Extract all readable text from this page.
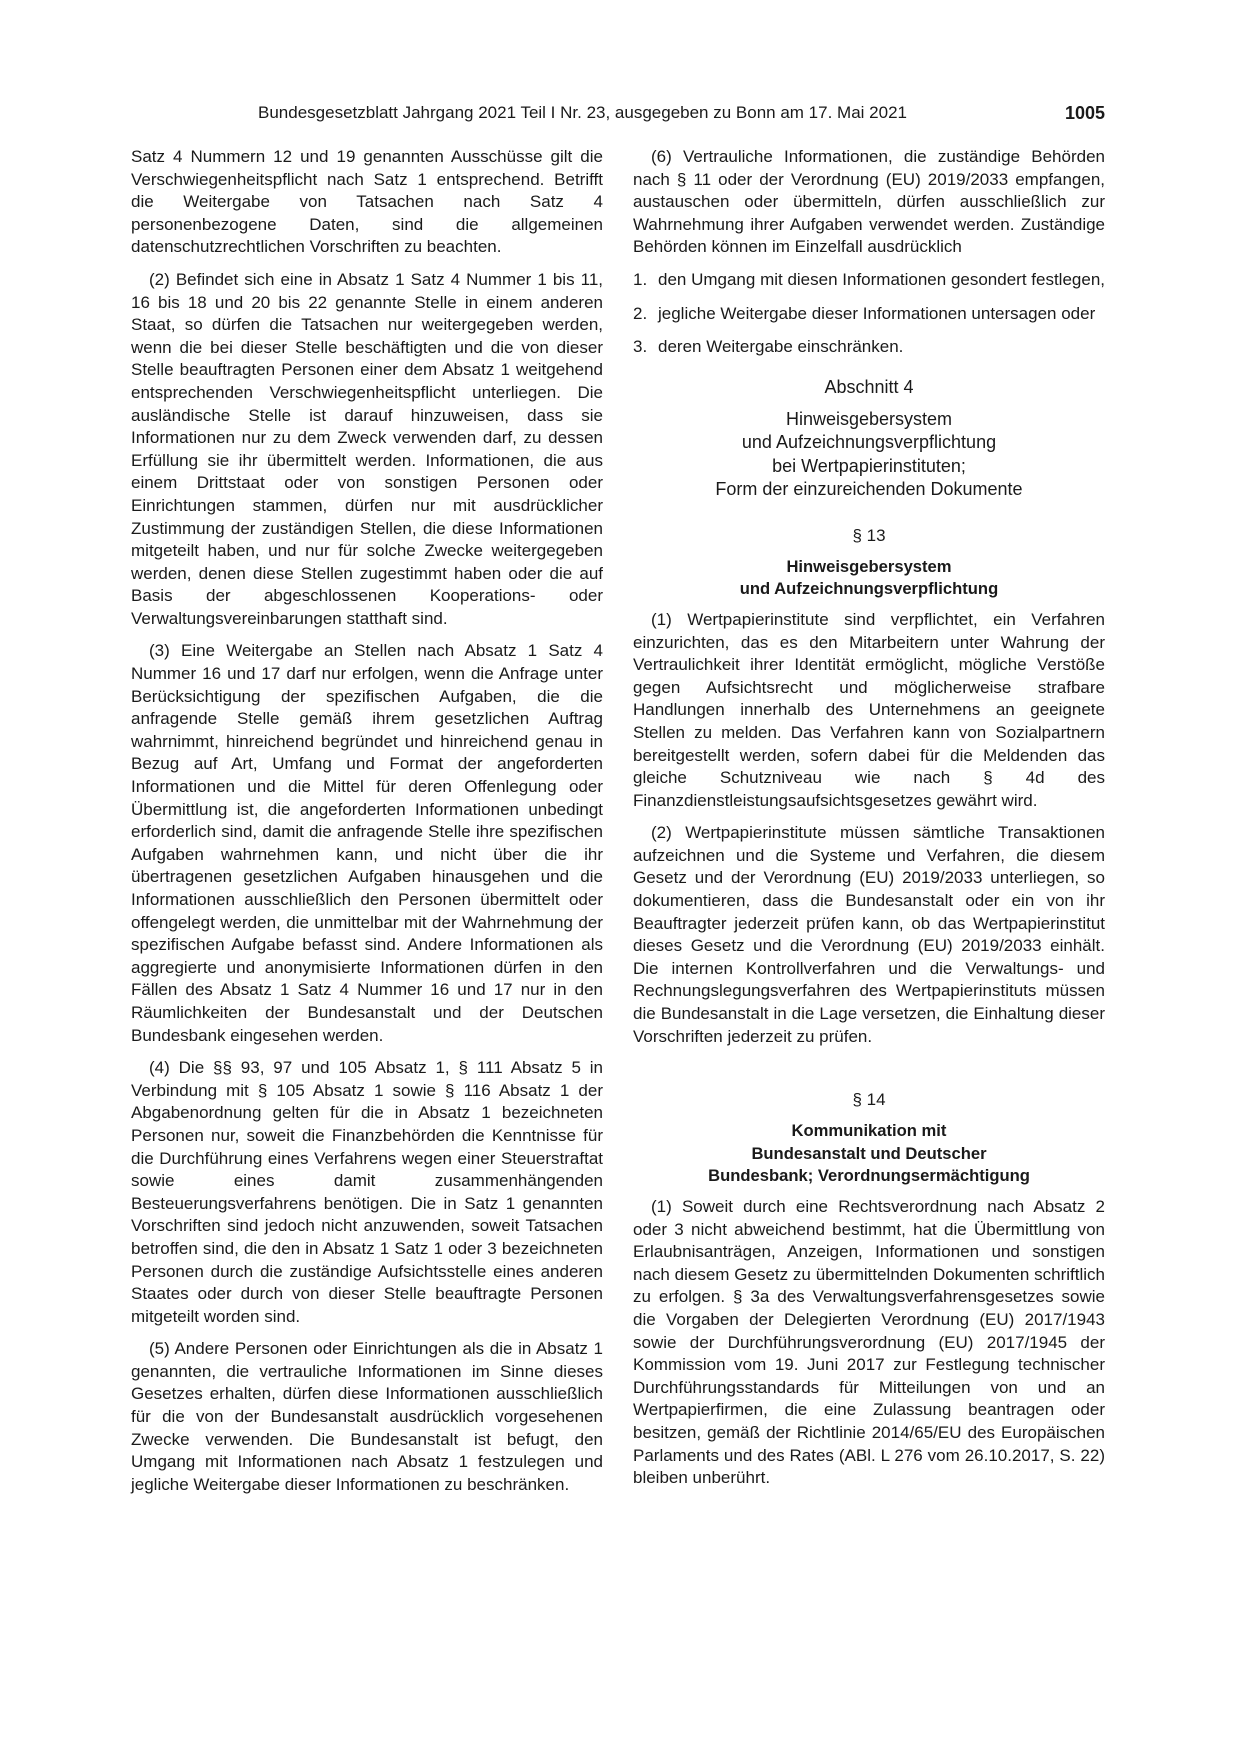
Bundesgesetzblatt Jahrgang 2021 Teil I Nr. 23, ausgegeben zu Bonn am 17. Mai 2021	1005

Satz 4 Nummern 12 und 19 genannten Ausschüsse gilt die Verschwiegenheitspflicht nach Satz 1 entsprechend. Betrifft die Weitergabe von Tatsachen nach Satz 4 personenbezogene Daten, sind die allgemeinen datenschutzrechtlichen Vorschriften zu beachten.

(2) Befindet sich eine in Absatz 1 Satz 4 Nummer 1 bis 11, 16 bis 18 und 20 bis 22 genannte Stelle in einem anderen Staat, so dürfen die Tatsachen nur weitergegeben werden, wenn die bei dieser Stelle beschäftigten und die von dieser Stelle beauftragten Personen einer dem Absatz 1 weitgehend entsprechenden Verschwiegenheitspflicht unterliegen. Die ausländische Stelle ist darauf hinzuweisen, dass sie Informationen nur zu dem Zweck verwenden darf, zu dessen Erfüllung sie ihr übermittelt werden. Informationen, die aus einem Drittstaat oder von sonstigen Personen oder Einrichtungen stammen, dürfen nur mit ausdrücklicher Zustimmung der zuständigen Stellen, die diese Informationen mitgeteilt haben, und nur für solche Zwecke weitergegeben werden, denen diese Stellen zugestimmt haben oder die auf Basis der abgeschlossenen Kooperations- oder Verwaltungsvereinbarungen statthaft sind.

(3) Eine Weitergabe an Stellen nach Absatz 1 Satz 4 Nummer 16 und 17 darf nur erfolgen, wenn die Anfrage unter Berücksichtigung der spezifischen Aufgaben, die die anfragende Stelle gemäß ihrem gesetzlichen Auftrag wahrnimmt, hinreichend begründet und hinreichend genau in Bezug auf Art, Umfang und Format der angeforderten Informationen und die Mittel für deren Offenlegung oder Übermittlung ist, die angeforderten Informationen unbedingt erforderlich sind, damit die anfragende Stelle ihre spezifischen Aufgaben wahrnehmen kann, und nicht über die ihr übertragenen gesetzlichen Aufgaben hinausgehen und die Informationen ausschließlich den Personen übermittelt oder offengelegt werden, die unmittelbar mit der Wahrnehmung der spezifischen Aufgabe befasst sind. Andere Informationen als aggregierte und anonymisierte Informationen dürfen in den Fällen des Absatz 1 Satz 4 Nummer 16 und 17 nur in den Räumlichkeiten der Bundesanstalt und der Deutschen Bundesbank eingesehen werden.

(4) Die §§ 93, 97 und 105 Absatz 1, § 111 Absatz 5 in Verbindung mit § 105 Absatz 1 sowie § 116 Absatz 1 der Abgabenordnung gelten für die in Absatz 1 bezeichneten Personen nur, soweit die Finanzbehörden die Kenntnisse für die Durchführung eines Verfahrens wegen einer Steuerstraftat sowie eines damit zusammenhängenden Besteuerungsverfahrens benötigen. Die in Satz 1 genannten Vorschriften sind jedoch nicht anzuwenden, soweit Tatsachen betroffen sind, die den in Absatz 1 Satz 1 oder 3 bezeichneten Personen durch die zuständige Aufsichtsstelle eines anderen Staates oder durch von dieser Stelle beauftragte Personen mitgeteilt worden sind.

(5) Andere Personen oder Einrichtungen als die in Absatz 1 genannten, die vertrauliche Informationen im Sinne dieses Gesetzes erhalten, dürfen diese Informationen ausschließlich für die von der Bundesanstalt ausdrücklich vorgesehenen Zwecke verwenden. Die Bundesanstalt ist befugt, den Umgang mit Informationen nach Absatz 1 festzulegen und jegliche Weitergabe dieser Informationen zu beschränken.

(6) Vertrauliche Informationen, die zuständige Behörden nach § 11 oder der Verordnung (EU) 2019/2033 empfangen, austauschen oder übermitteln, dürfen ausschließlich zur Wahrnehmung ihrer Aufgaben verwendet werden. Zuständige Behörden können im Einzelfall ausdrücklich

1. den Umgang mit diesen Informationen gesondert festlegen,
2. jegliche Weitergabe dieser Informationen untersagen oder
3. deren Weitergabe einschränken.
Abschnitt 4
Hinweisgebersystem
und Aufzeichnungsverpflichtung
bei Wertpapierinstituten;
Form der einzureichenden Dokumente
§ 13
Hinweisgebersystem
und Aufzeichnungsverpflichtung

(1) Wertpapierinstitute sind verpflichtet, ein Verfahren einzurichten, das es den Mitarbeitern unter Wahrung der Vertraulichkeit ihrer Identität ermöglicht, mögliche Verstöße gegen Aufsichtsrecht und möglicherweise strafbare Handlungen innerhalb des Unternehmens an geeignete Stellen zu melden. Das Verfahren kann von Sozialpartnern bereitgestellt werden, sofern dabei für die Meldenden das gleiche Schutzniveau wie nach § 4d des Finanzdienstleistungsaufsichtsgesetzes gewährt wird.

(2) Wertpapierinstitute müssen sämtliche Transaktionen aufzeichnen und die Systeme und Verfahren, die diesem Gesetz und der Verordnung (EU) 2019/2033 unterliegen, so dokumentieren, dass die Bundesanstalt oder ein von ihr Beauftragter jederzeit prüfen kann, ob das Wertpapierinstitut dieses Gesetz und die Verordnung (EU) 2019/2033 einhält. Die internen Kontrollverfahren und die Verwaltungs- und Rechnungslegungsverfahren des Wertpapierinstituts müssen die Bundesanstalt in die Lage versetzen, die Einhaltung dieser Vorschriften jederzeit zu prüfen.

§ 14
Kommunikation mit
Bundesanstalt und Deutscher
Bundesbank; Verordnungsermächtigung

(1) Soweit durch eine Rechtsverordnung nach Absatz 2 oder 3 nicht abweichend bestimmt, hat die Übermittlung von Erlaubnisanträgen, Anzeigen, Informationen und sonstigen nach diesem Gesetz zu übermittelnden Dokumenten schriftlich zu erfolgen. § 3a des Verwaltungsverfahrensgesetzes sowie die Vorgaben der Delegierten Verordnung (EU) 2017/1943 sowie der Durchführungsverordnung (EU) 2017/1945 der Kommission vom 19. Juni 2017 zur Festlegung technischer Durchführungsstandards für Mitteilungen von und an Wertpapierfirmen, die eine Zulassung beantragen oder besitzen, gemäß der Richtlinie 2014/65/EU des Europäischen Parlaments und des Rates (ABl. L 276 vom 26.10.2017, S. 22) bleiben unberührt.
